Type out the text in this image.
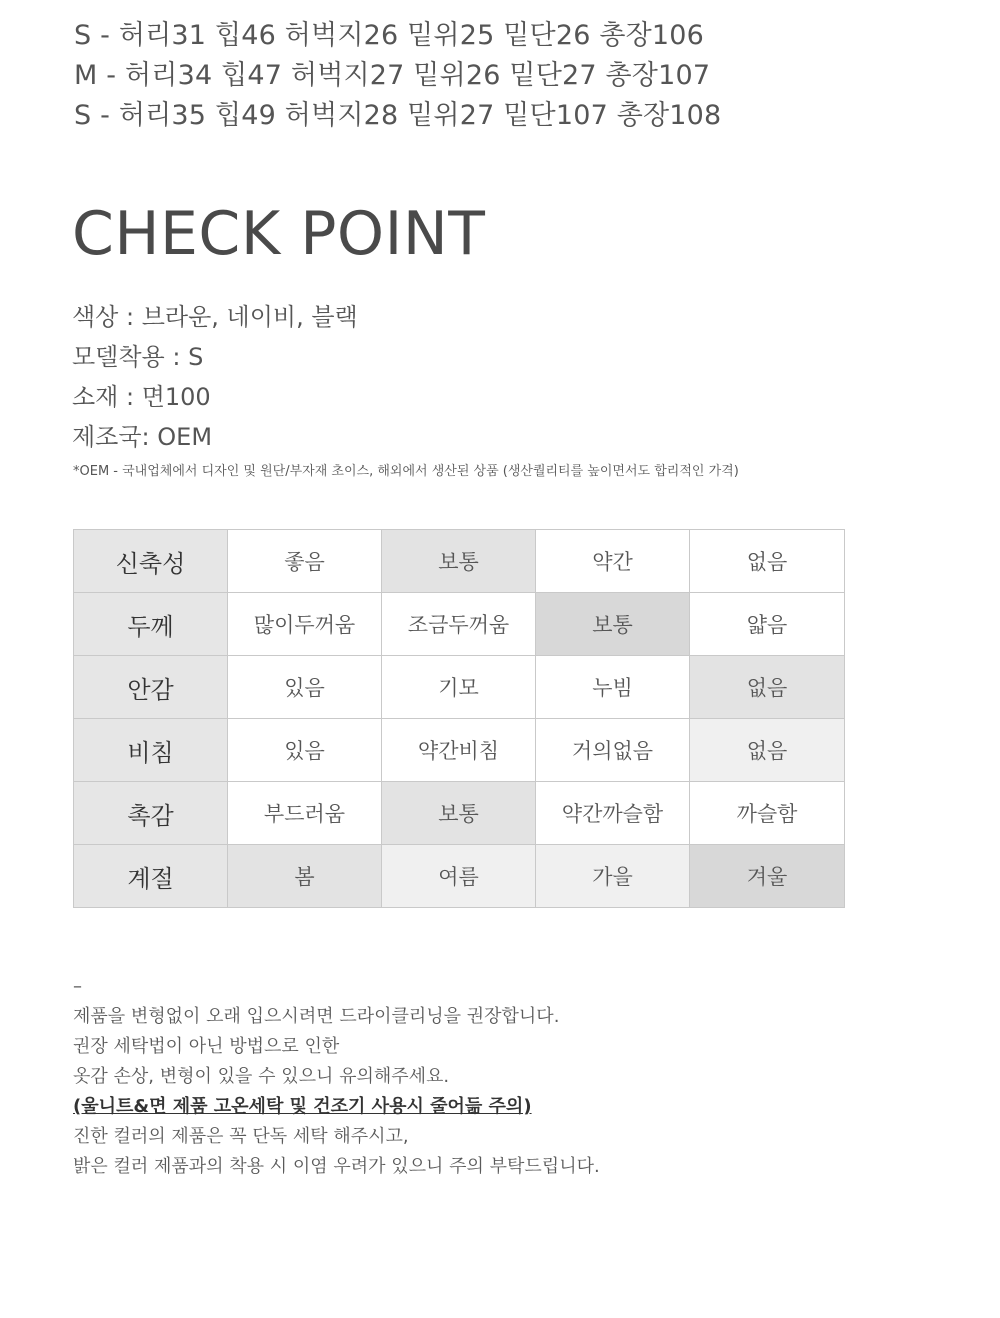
S - 허리31 힙46 허벅지26 밑위25 밑단26 총장106
M - 허리34 힙47 허벅지27 밑위26 밑단27 총장107
S - 허리35 힙49 허벅지28 밑위27 밑단107 총장108
CHECK POINT
색상 : 브라운, 네이비, 블랙
모델착용 : S
소재 : 면100
제조국: OEM
*OEM - 국내업체에서 디자인 및 원단/부자재 초이스, 해외에서 생산된 상품 (생산퀄리티를 높이면서도 합리적인 가격)
신축성	좋음	보통	약간	없음
두께	많이두꺼움	조금두꺼움	보통	얇음
안감	있음	기모	누빔	없음
비침	있음	약간비침	거의없음	없음
촉감	부드러움	보통	약간까슬함	까슬함
계절	봄	여름	가을	겨울
–
제품을 변형없이 오래 입으시려면 드라이클리닝을 권장합니다.
권장 세탁법이 아닌 방법으로 인한
옷감 손상, 변형이 있을 수 있으니 유의해주세요.
(울니트&면 제품 고온세탁 및 건조기 사용시 줄어듦 주의)
진한 컬러의 제품은 꼭 단독 세탁 해주시고,
밝은 컬러 제품과의 착용 시 이염 우려가 있으니 주의 부탁드립니다.
